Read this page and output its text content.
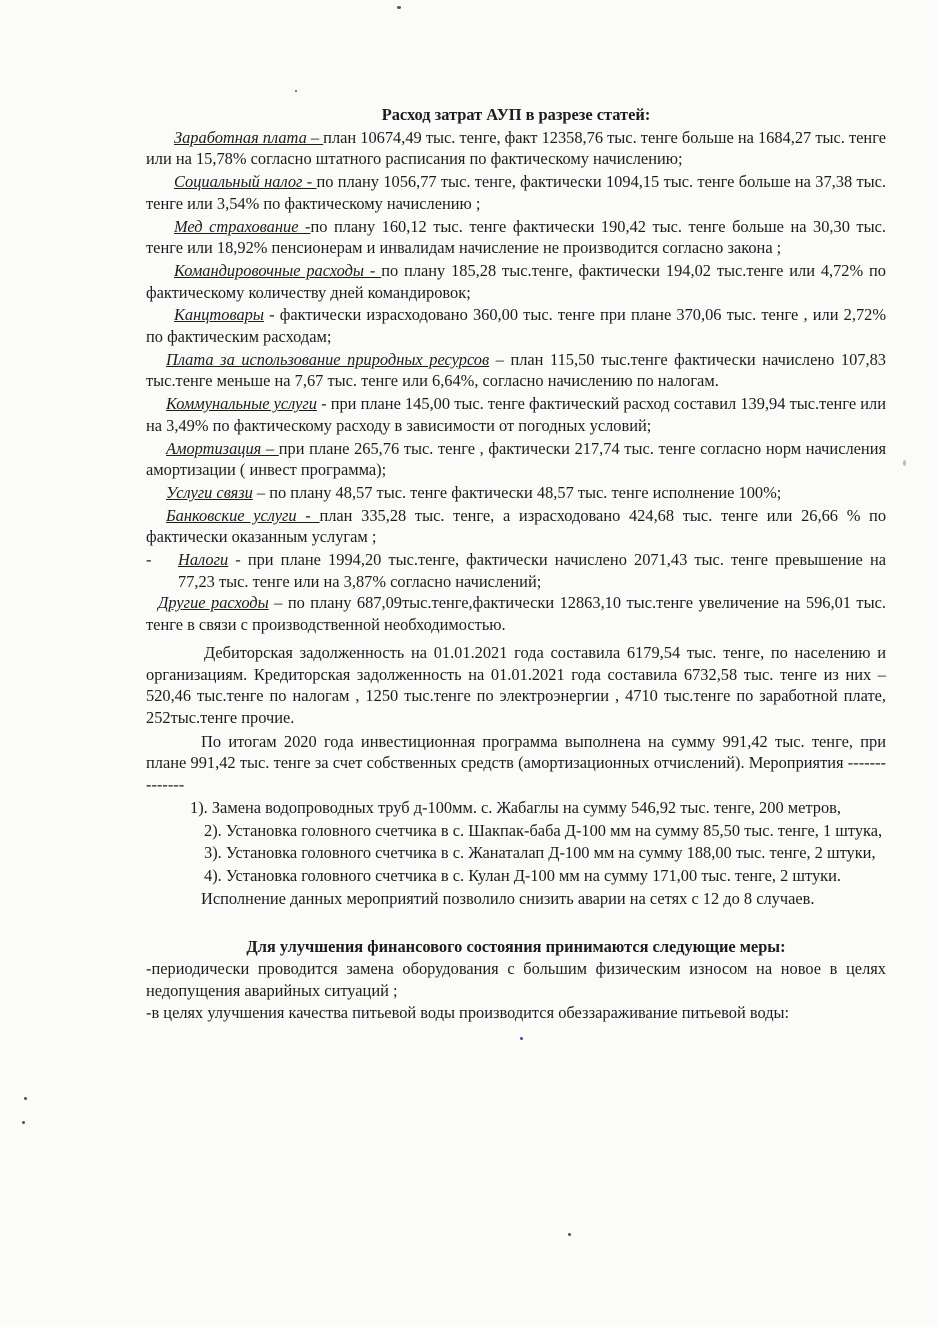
Расход затрат АУП в разрезе статей:

Заработная плата – план 10674,49 тыс. тенге, факт 12358,76 тыс. тенге больше на 1684,27 тыс. тенге или на 15,78% согласно штатного расписания по фактическому начислению;

Социальный налог - по плану 1056,77 тыс. тенге, фактически 1094,15 тыс. тенге больше на 37,38 тыс. тенге или 3,54% по фактическому начислению ;

Мед страхование -по плану 160,12 тыс. тенге фактически 190,42 тыс. тенге больше на 30,30 тыс. тенге или 18,92% пенсионерам и инвалидам начисление не производится согласно закона ;

Командировочные расходы - по плану 185,28 тыс.тенге, фактически 194,02 тыс.тенге или 4,72% по фактическому количеству дней командировок;

Канцтовары - фактически израсходовано 360,00 тыс. тенге при плане 370,06 тыс. тенге , или 2,72% по фактическим расходам;

Плата за использование природных ресурсов – план 115,50 тыс.тенге фактически начислено 107,83 тыс.тенге меньше на 7,67 тыс. тенге или 6,64%, согласно начислению по налогам.

Коммунальные услуги - при плане 145,00 тыс. тенге фактический расход составил 139,94 тыс.тенге или на 3,49% по фактическому расходу в зависимости от погодных условий;

Амортизация – при плане 265,76 тыс. тенге , фактически 217,74 тыс. тенге согласно норм начисления амортизации ( инвест программа);

Услуги связи – по плану 48,57 тыс. тенге фактически 48,57 тыс. тенге исполнение 100%;

Банковские услуги - план 335,28 тыс. тенге, а израсходовано 424,68 тыс. тенге или 26,66 % по фактически оказанным услугам ;

-	Налоги - при плане 1994,20 тыс.тенге, фактически начислено 2071,43 тыс. тенге превышение на 77,23 тыс. тенге или на 3,87% согласно начислений;

Другие расходы – по плану 687,09тыс.тенге,фактически 12863,10 тыс.тенге увеличение на 596,01 тыс. тенге в связи с производственной необходимостью.

Дебиторская задолженность на 01.01.2021 года составила 6179,54 тыс. тенге, по населению и организациям. Кредиторская задолженность на 01.01.2021 года составила 6732,58 тыс. тенге из них – 520,46 тыс.тенге по налогам , 1250 тыс.тенге по электроэнергии , 4710 тыс.тенге по заработной плате, 252тыс.тенге прочие.

По итогам 2020 года инвестиционная программа выполнена на сумму 991,42 тыс. тенге, при плане 991,42 тыс. тенге за счет собственных средств (амортизационных отчислений). Мероприятия --------------

1). Замена водопроводных труб д-100мм. с. Жабаглы на сумму 546,92 тыс. тенге, 200 метров,

2). Установка головного счетчика в с. Шакпак-баба Д-100 мм на сумму 85,50 тыс. тенге, 1 штука,

3). Установка головного счетчика в с. Жанаталап Д-100 мм на сумму 188,00 тыс. тенге, 2 штуки,

4). Установка головного счетчика в с. Кулан Д-100 мм на сумму 171,00 тыс. тенге, 2 штуки.

Исполнение данных мероприятий позволило снизить аварии на сетях с 12 до 8 случаев.

Для улучшения финансового состояния принимаются следующие меры:

-периодически проводится замена оборудования с большим физическим износом на новое в целях недопущения аварийных ситуаций ;

-в целях улучшения качества питьевой воды производится обеззараживание питьевой воды:
